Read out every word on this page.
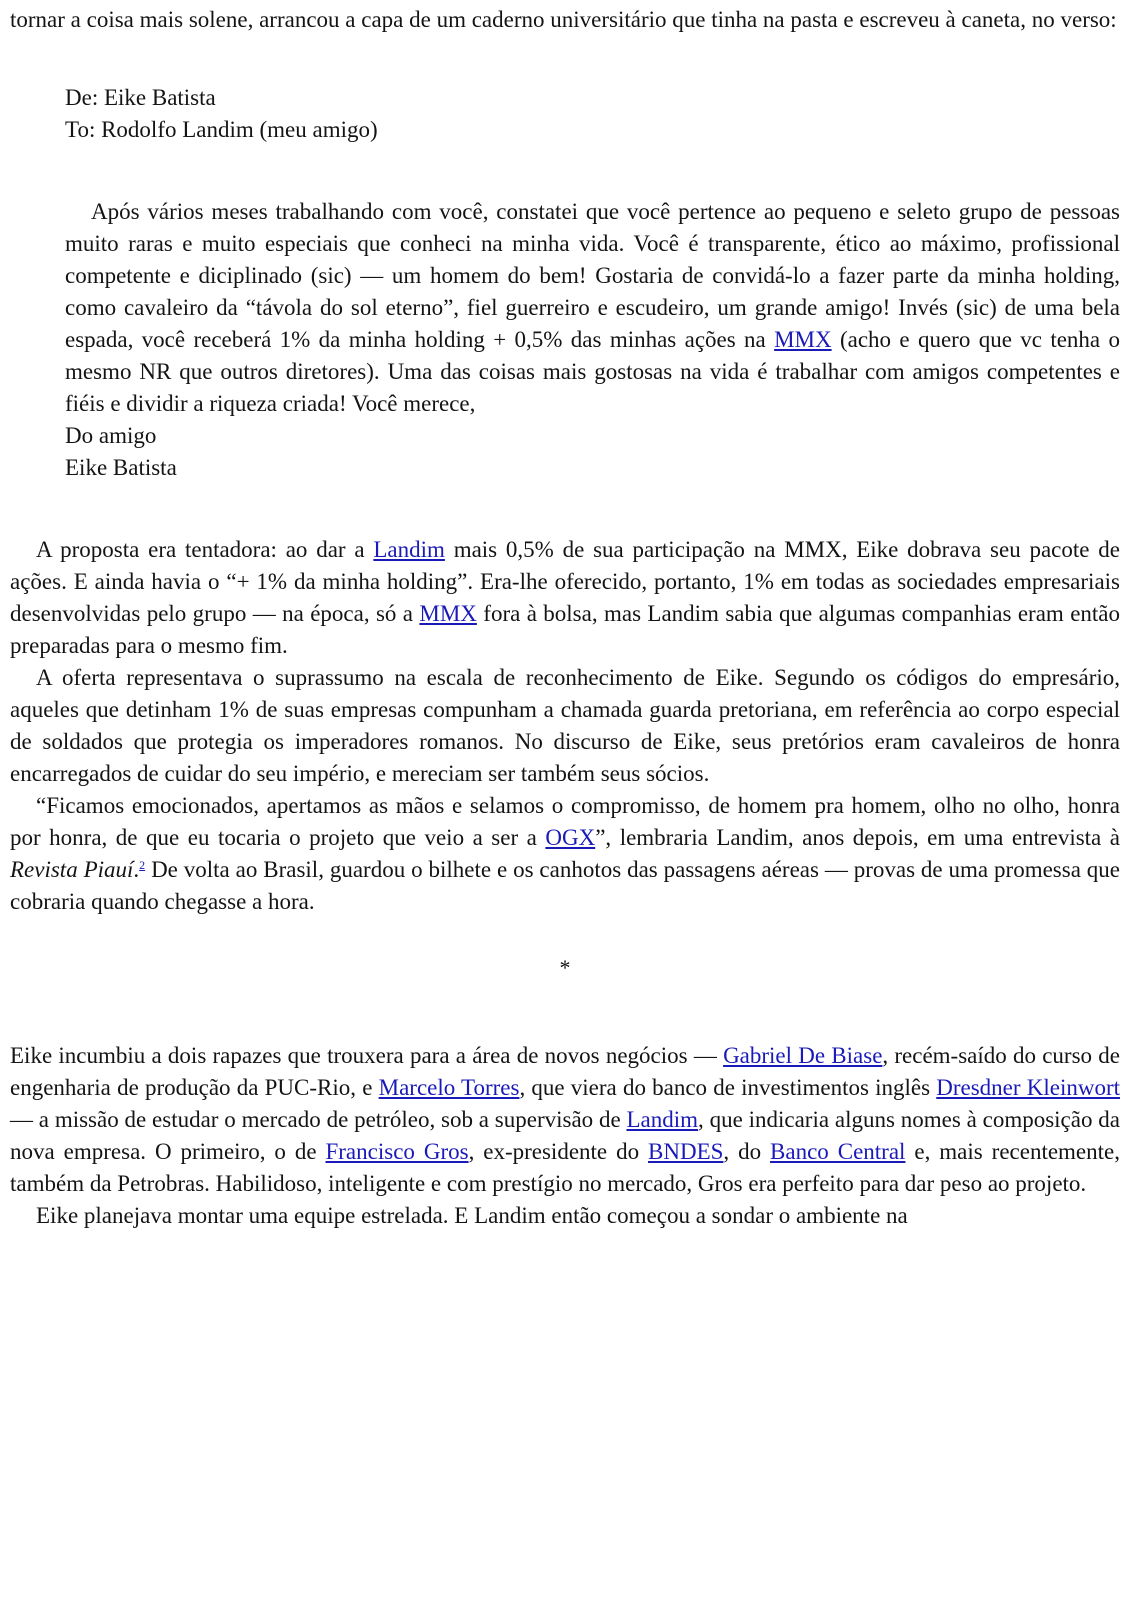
tornar a coisa mais solene, arrancou a capa de um caderno universitário que tinha na pasta e escreveu à caneta, no verso:

De: Eike Batista

To: Rodolfo Landim (meu amigo)

Após vários meses trabalhando com você, constatei que você pertence ao pequeno e seleto grupo de pessoas muito raras e muito especiais que conheci na minha vida. Você é transparente, ético ao máximo, profissional competente e diciplinado (sic) — um homem do bem! Gostaria de convidá-lo a fazer parte da minha holding, como cavaleiro da “távola do sol eterno”, fiel guerreiro e escudeiro, um grande amigo! Invés (sic) de uma bela espada, você receberá 1% da minha holding + 0,5% das minhas ações na MMX (acho e quero que vc tenha o mesmo NR que outros diretores). Uma das coisas mais gostosas na vida é trabalhar com amigos competentes e fiéis e dividir a riqueza criada! Você merece,

Do amigo

Eike Batista

A proposta era tentadora: ao dar a Landim mais 0,5% de sua participação na MMX, Eike dobrava seu pacote de ações. E ainda havia o “+ 1% da minha holding”. Era-lhe oferecido, portanto, 1% em todas as sociedades empresariais desenvolvidas pelo grupo — na época, só a MMX fora à bolsa, mas Landim sabia que algumas companhias eram então preparadas para o mesmo fim.

A oferta representava o suprassumo na escala de reconhecimento de Eike. Segundo os códigos do empresário, aqueles que detinham 1% de suas empresas compunham a chamada guarda pretoriana, em referência ao corpo especial de soldados que protegia os imperadores romanos. No discurso de Eike, seus pretórios eram cavaleiros de honra encarregados de cuidar do seu império, e mereciam ser também seus sócios.

“Ficamos emocionados, apertamos as mãos e selamos o compromisso, de homem pra homem, olho no olho, honra por honra, de que eu tocaria o projeto que veio a ser a OGX”, lembraria Landim, anos depois, em uma entrevista à Revista Piauí.$^2$ De volta ao Brasil, guardou o bilhete e os canhotos das passagens aéreas — provas de uma promessa que cobraria quando chegasse a hora.

*

Eike incumbiu a dois rapazes que trouxera para a área de novos negócios — Gabriel De Biase, recém-saído do curso de engenharia de produção da PUC-Rio, e Marcelo Torres, que viera do banco de investimentos inglês Dresdner Kleinwort — a missão de estudar o mercado de petróleo, sob a supervisão de Landim, que indicaria alguns nomes à composição da nova empresa. O primeiro, o de Francisco Gros, ex-presidente do BNDES, do Banco Central e, mais recentemente, também da Petrobras. Habilidoso, inteligente e com prestígio no mercado, Gros era perfeito para dar peso ao projeto.

Eike planejava montar uma equipe estrelada. E Landim então começou a sondar o ambiente na
